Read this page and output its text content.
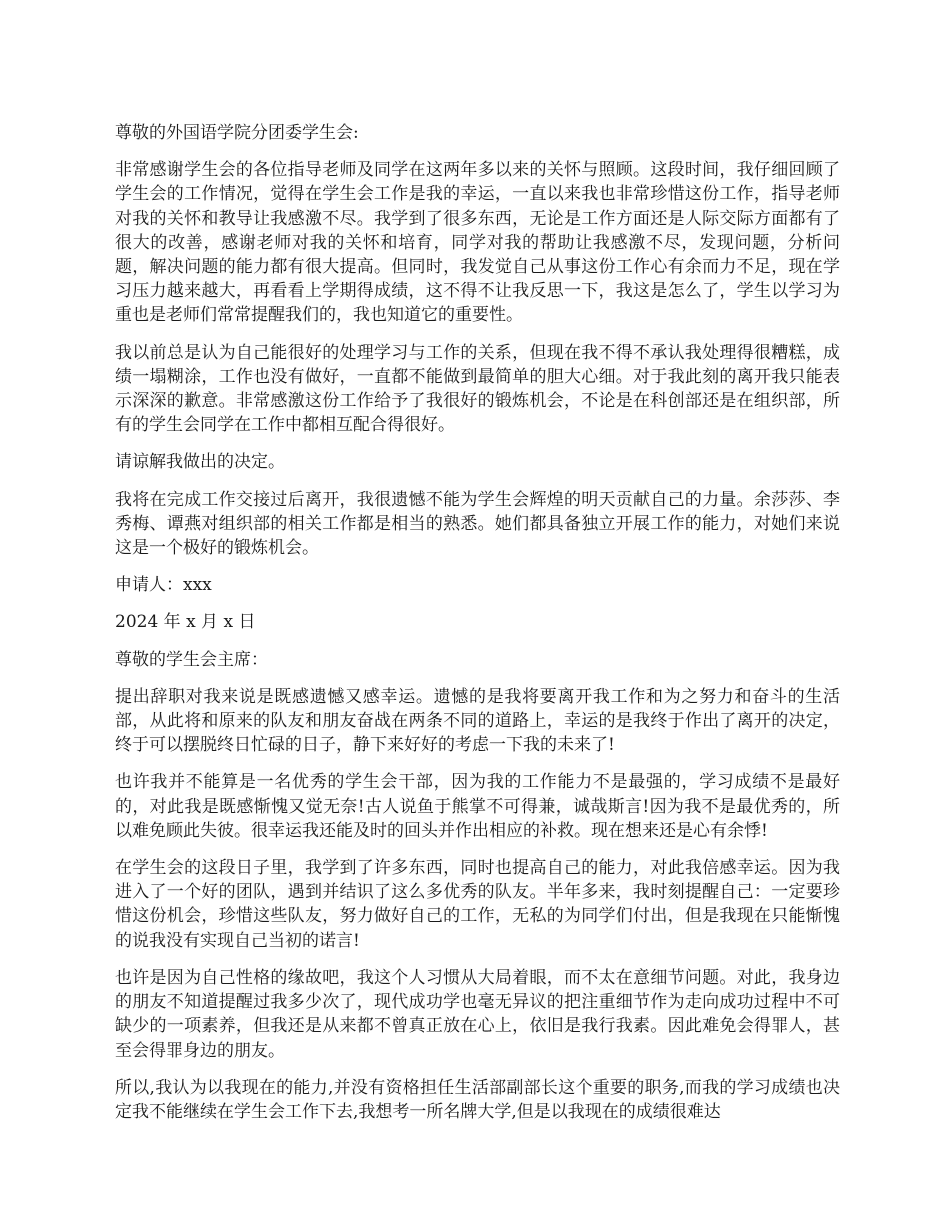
尊敬的外国语学院分团委学生会:

非常感谢学生会的各位指导老师及同学在这两年多以来的关怀与照顾。这段时间，我仔细回顾了学生会的工作情况，觉得在学生会工作是我的幸运，一直以来我也非常珍惜这份工作，指导老师对我的关怀和教导让我感激不尽。我学到了很多东西，无论是工作方面还是人际交际方面都有了很大的改善，感谢老师对我的关怀和培育，同学对我的帮助让我感激不尽，发现问题，分析问题，解决问题的能力都有很大提高。但同时，我发觉自己从事这份工作心有余而力不足，现在学习压力越来越大，再看看上学期得成绩，这不得不让我反思一下，我这是怎么了，学生以学习为重也是老师们常常提醒我们的，我也知道它的重要性。

我以前总是认为自己能很好的处理学习与工作的关系，但现在我不得不承认我处理得很糟糕，成绩一塌糊涂，工作也没有做好，一直都不能做到最简单的胆大心细。对于我此刻的离开我只能表示深深的歉意。非常感激这份工作给予了我很好的锻炼机会，不论是在科创部还是在组织部，所有的学生会同学在工作中都相互配合得很好。

请谅解我做出的决定。

我将在完成工作交接过后离开，我很遗憾不能为学生会辉煌的明天贡献自己的力量。余莎莎、李秀梅、谭燕对组织部的相关工作都是相当的熟悉。她们都具备独立开展工作的能力，对她们来说这是一个极好的锻炼机会。

申请人：xxx

2024 年 x 月 x 日

尊敬的学生会主席：

提出辞职对我来说是既感遗憾又感幸运。遗憾的是我将要离开我工作和为之努力和奋斗的生活部，从此将和原来的队友和朋友奋战在两条不同的道路上，幸运的是我终于作出了离开的决定，终于可以摆脱终日忙碌的日子，静下来好好的考虑一下我的未来了!

也许我并不能算是一名优秀的学生会干部，因为我的工作能力不是最强的，学习成绩不是最好的，对此我是既感惭愧又觉无奈!古人说鱼于熊掌不可得兼，诚哉斯言!因为我不是最优秀的，所以难免顾此失彼。很幸运我还能及时的回头并作出相应的补救。现在想来还是心有余悸!

在学生会的这段日子里，我学到了许多东西，同时也提高自己的能力，对此我倍感幸运。因为我进入了一个好的团队，遇到并结识了这么多优秀的队友。半年多来，我时刻提醒自己：一定要珍惜这份机会，珍惜这些队友，努力做好自己的工作，无私的为同学们付出，但是我现在只能惭愧的说我没有实现自己当初的诺言!

也许是因为自己性格的缘故吧，我这个人习惯从大局着眼，而不太在意细节问题。对此，我身边的朋友不知道提醒过我多少次了，现代成功学也毫无异议的把注重细节作为走向成功过程中不可缺少的一项素养，但我还是从来都不曾真正放在心上，依旧是我行我素。因此难免会得罪人，甚至会得罪身边的朋友。

所以,我认为以我现在的能力,并没有资格担任生活部副部长这个重要的职务,而我的学习成绩也决定我不能继续在学生会工作下去,我想考一所名牌大学,但是以我现在的成绩很难达
